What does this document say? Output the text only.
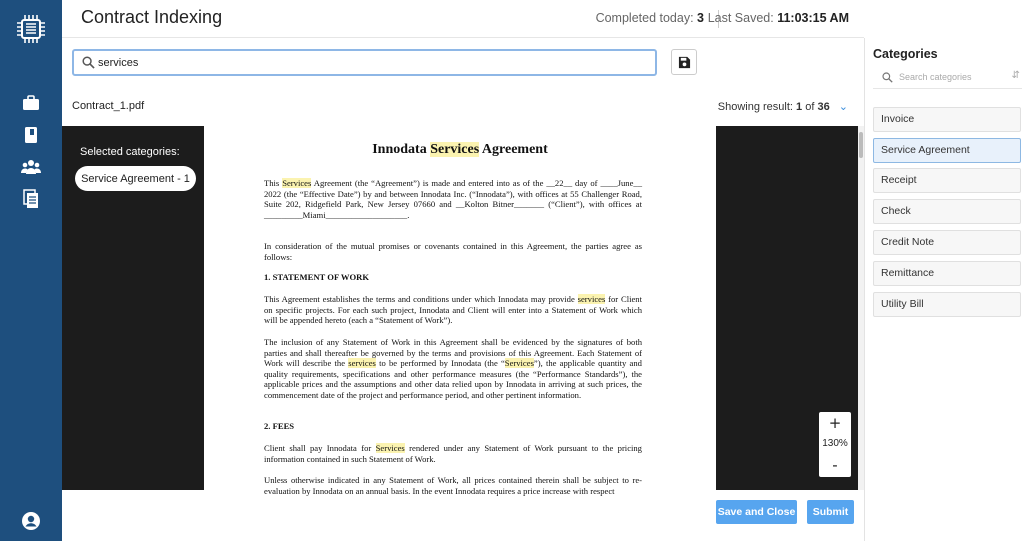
Contract Indexing	Completed today: 3 Last Saved: 11:03:15 AM
services
Contract_1.pdf	Showing result: 1 of 36 ⌄
Selected categories:
Service Agreement - 1
Innodata Services Agreement

This Services Agreement (the “Agreement”) is made and entered into as of the __22__ day of ____June__ 2022 (the “Effective Date”) by and between Innodata Inc. (“Innodata”), with offices at 55 Challenger Road, Suite 202, Ridgefield Park, New Jersey 07660 and __Kolton Bitner_______ (“Client”), with offices at _________Miami___________________.

In consideration of the mutual promises or covenants contained in this Agreement, the parties agree as follows:

1. STATEMENT OF WORK

This Agreement establishes the terms and conditions under which Innodata may provide services for Client on specific projects. For each such project, Innodata and Client will enter into a Statement of Work which will be appended hereto (each a “Statement of Work”).

The inclusion of any Statement of Work in this Agreement shall be evidenced by the signatures of both parties and shall thereafter be governed by the terms and provisions of this Agreement. Each Statement of Work will describe the services to be performed by Innodata (the “Services”), the applicable quantity and quality requirements, specifications and other performance measures (the “Performance Standards”), the applicable prices and the assumptions and other data relied upon by Innodata in arriving at such prices, the commencement date of the project and performance period, and other pertinent information.

2. FEES

Client shall pay Innodata for Services rendered under any Statement of Work pursuant to the pricing information contained in such Statement of Work.

Unless otherwise indicated in any Statement of Work, all prices contained therein shall be subject to re-evaluation by Innodata on an annual basis. In the event Innodata requires a price increase with respect

+
130%
-
Save and Close	Submit
Categories
Search categories	⇵
Invoice
Service Agreement
Receipt
Check
Credit Note
Remittance
Utility Bill
